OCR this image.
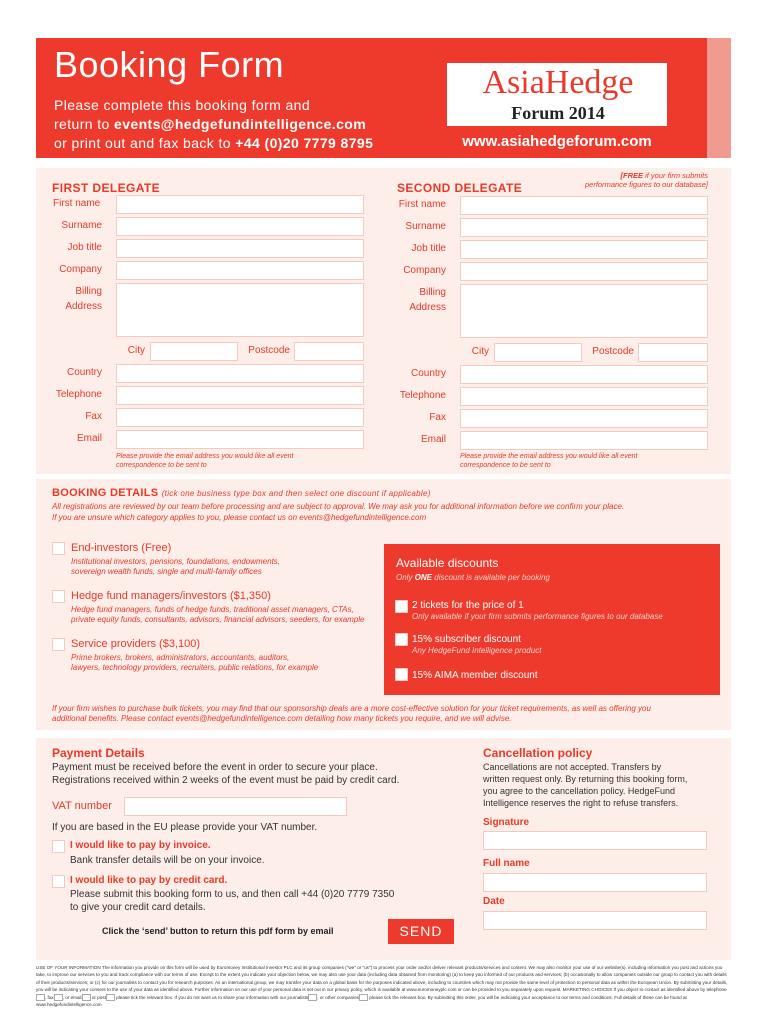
Booking Form
Please complete this booking form and
return to events@hedgefundintelligence.com
or print out and fax back to +44 (0)20 7779 8795
AsiaHedge
Forum 2014
www.asiahedgeforum.com
FIRST DELEGATE	SECOND DELEGATE
[FREE if your firm submits
performance figures to our database]
First name
Surname
Job title
Company
Billing
Address
City	Postcode
Country
Telephone
Fax
Email
Please provide the email address you would like all event
correspondence to be sent to
First name
Surname
Job title
Company
Billing
Address
City	Postcode
Country
Telephone
Fax
Email
Please provide the email address you would like all event
correspondence to be sent to
BOOKING DETAILS (tick one business type box and then select one discount if applicable)
All registrations are reviewed by our team before processing and are subject to approval. We may ask you for additional information before we confirm your place.
If you are unsure which category applies to you, please contact us on events@hedgefundintelligence.com
End-investors (Free)
Institutional investors, pensions, foundations, endowments,
sovereign wealth funds, single and multi-family offices
Hedge fund managers/investors ($1,350)
Hedge fund managers, funds of hedge funds, traditional asset managers, CTAs,
private equity funds, consultants, advisors, financial advisors, seeders, for example
Service providers ($3,100)
Prime brokers, brokers, administrators, accountants, auditors,
lawyers, technology providers, recruiters, public relations, for example
Available discounts
Only ONE discount is available per booking
2 tickets for the price of 1
Only available if your firm submits performance figures to our database
15% subscriber discount
Any HedgeFund Intelligence product
15% AIMA member discount
If your firm wishes to purchase bulk tickets, you may find that our sponsorship deals are a more cost-effective solution for your ticket requirements, as well as offering you
additional benefits. Please contact events@hedgefundintelligence.com detailing how many tickets you require, and we will advise.
Payment Details
Payment must be received before the event in order to secure your place.
Registrations received within 2 weeks of the event must be paid by credit card.
VAT number
If you are based in the EU please provide your VAT number.
I would like to pay by invoice.
Bank transfer details will be on your invoice.
I would like to pay by credit card.
Please submit this booking form to us, and then call +44 (0)20 7779 7350
to give your credit card details.
Click the ‘send’ button to return this pdf form by email	SEND
Cancellation policy
Cancellations are not accepted. Transfers by
written request only. By returning this booking form,
you agree to the cancellation policy. HedgeFund
Intelligence reserves the right to refuse transfers.
Signature
Full name
Date
USE OF YOUR INFORMATION The information you provide on this form will be used by Euromoney Institutional Investor PLC and its group companies ("we" or "us") to process your order and/or deliver relevant products/services and content. We may also monitor your use of our website(s), including information you post and actions you take, to improve our services to you and track compliance with our terms of use. Except to the extent you indicate your objection below, we may also use your data (including data obtained from monitoring) (a) to keep you informed of our products and services; (b) occasionally to allow companies outside our group to contact you with details of their products/services; or (c) for our journalists to contact you for research purposes. As an international group, we may transfer your data on a global basis for the purposes indicated above, including to countries which may not provide the same level of protection to personal data as within the European Union. By submitting your details, you will be indicating your consent to the use of your data as identified above. Further information on our use of your personal data is set out in our privacy policy, which is available at www.euromoneyplc.com or can be provided to you separately upon request. MARKETING CHOICES If you object to contact as identified above by telephone, fax , or email or post please tick the relevant box. If you do not want us to share your information with our journalists , or other companies please tick the relevant box. By submitting this order, you will be indicating your acceptance to our terms and conditions. Full details of these can be found at www.hedgefundintelligence.com
